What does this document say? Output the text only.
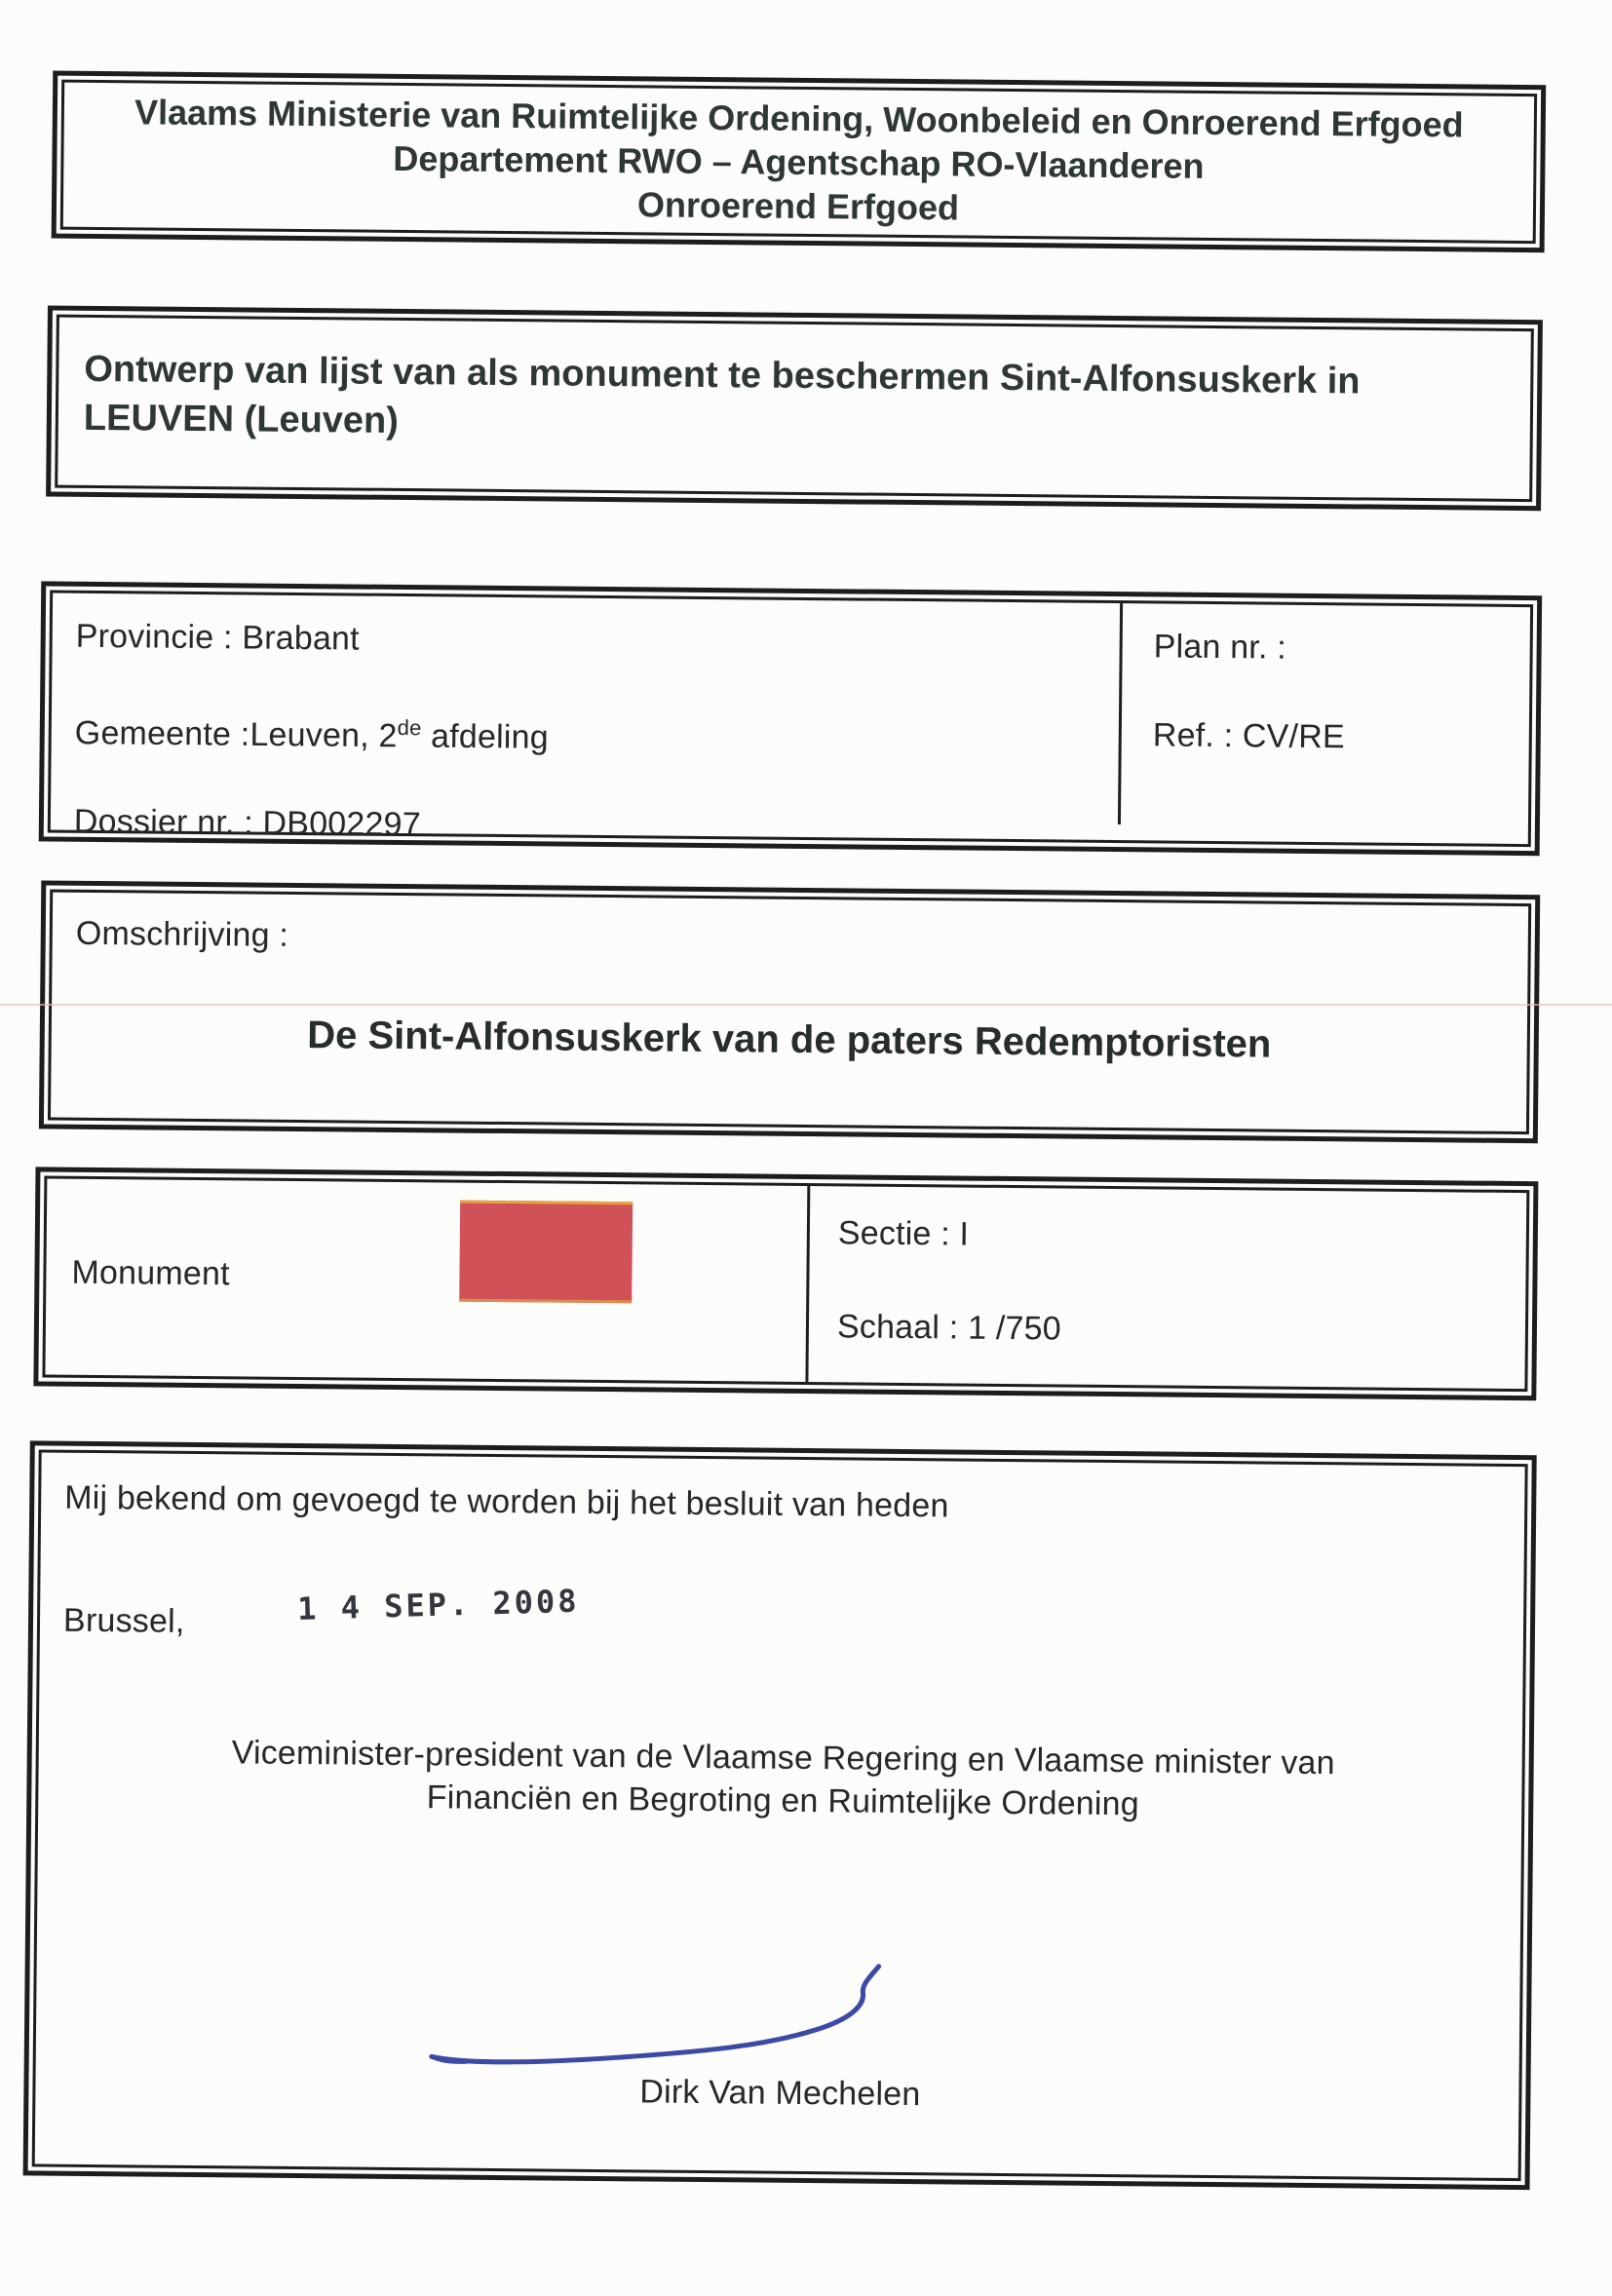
Vlaams Ministerie van Ruimtelijke Ordening, Woonbeleid en Onroerend Erfgoed
Departement RWO – Agentschap RO-Vlaanderen
Onroerend Erfgoed
Ontwerp van lijst van als monument te beschermen Sint-Alfonsuskerk in
LEUVEN (Leuven)
Provincie : Brabant
Gemeente :Leuven, 2de afdeling
Dossier nr. : DB002297
Plan nr. :
Ref. : CV/RE
Omschrijving :
De Sint-Alfonsuskerk van de paters Redemptoristen
Monument
Sectie : I
Schaal : 1 /750
Mij bekend om gevoegd te worden bij het besluit van heden
Brussel,	1 4 SEP. 2008
Viceminister-president van de Vlaamse Regering en Vlaamse minister van
Financiën en Begroting en Ruimtelijke Ordening
Dirk Van Mechelen
